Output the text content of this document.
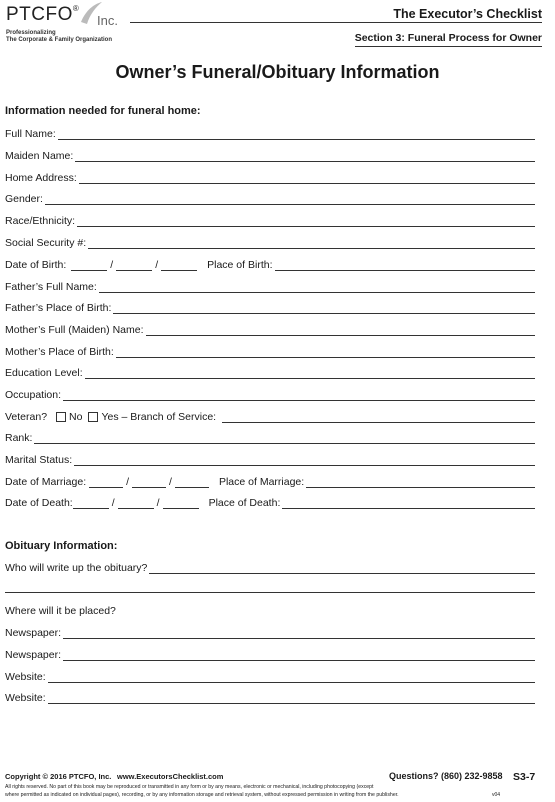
PTCFO®
Inc.
Professionalizing
The Corporate & Family Organization
The Executor’s Checklist
Section 3: Funeral Process for Owner
Owner’s Funeral/Obituary Information
Information needed for funeral home:
Full Name:
Maiden Name:
Home Address:
Gender:
Race/Ethnicity:
Social Security #:
Date of Birth:	/	/	Place of Birth:
Father’s Full Name:
Father’s Place of Birth:
Mother’s Full (Maiden) Name:
Mother’s Place of Birth:
Education Level:
Occupation:
Veteran? No Yes – Branch of Service:
Rank:
Marital Status:
Date of Marriage:	/	/	Place of Marriage:
Date of Death:	/	/	Place of Death:
Obituary Information:
Who will write up the obituary?
Where will it be placed?
Newspaper:
Newspaper:
Website:
Website:
Copyright © 2016 PTCFO, Inc. www.ExecutorsChecklist.com	Questions? (860) 232-9858 S3-7
All rights reserved. No part of this book may be reproduced or transmitted in any form or by any means, electronic or mechanical, including photocopying (except
where permitted as indicated on individual pages), recording, or by any information storage and retrieval system, without expressed permission in writing from the publisher.	v04
